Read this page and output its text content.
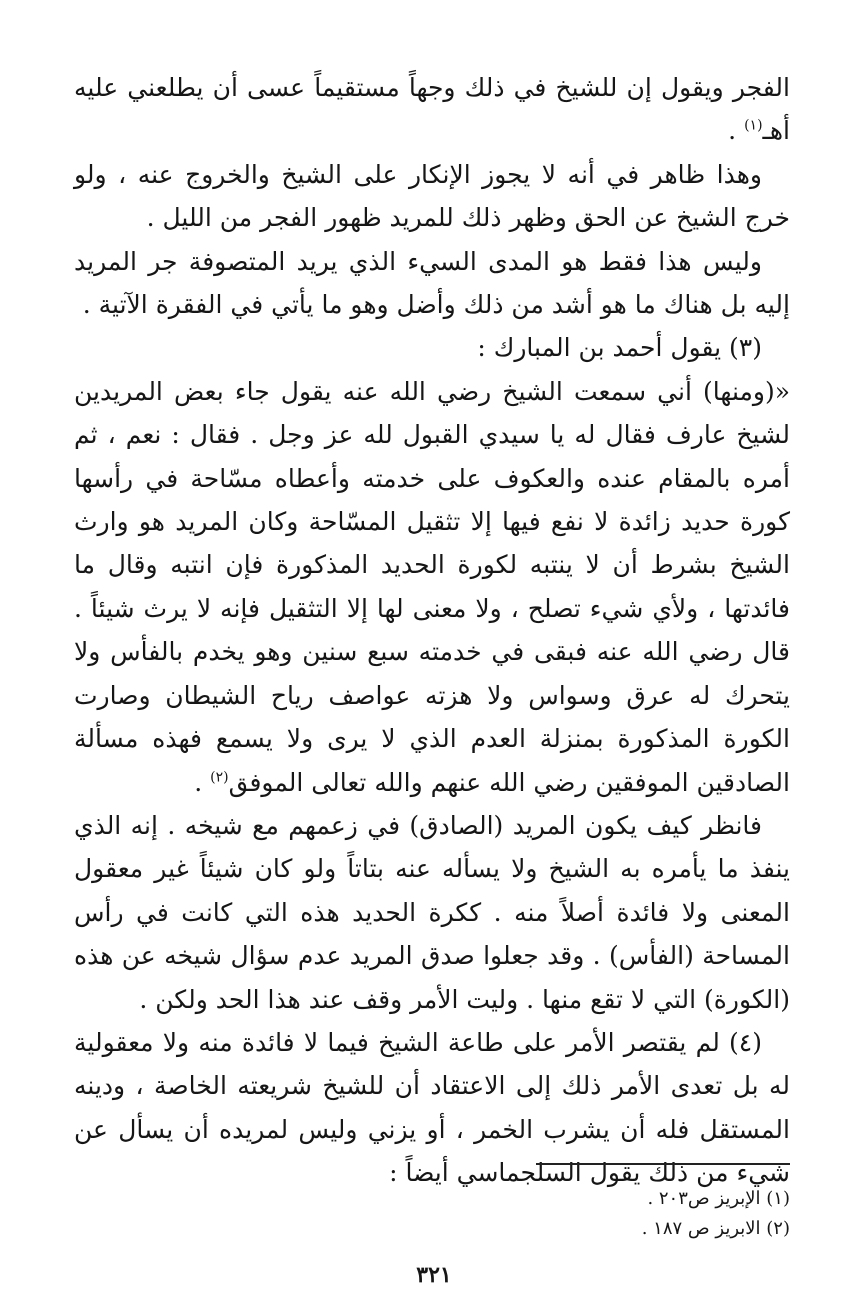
الفجر ويقول إن للشيخ في ذلك وجهاً مستقيماً عسى أن يطلعني عليه أهـ$^{(١)}$ .

وهذا ظاهر في أنه لا يجوز الإنكار على الشيخ والخروج عنه ، ولو خرج الشيخ عن الحق وظهر ذلك للمريد ظهور الفجر من الليل .

وليس هذا فقط هو المدى السيء الذي يريد المتصوفة جر المريد إليه بل هناك ما هو أشد من ذلك وأضل وهو ما يأتي في الفقرة الآتية .

(٣) يقول أحمد بن المبارك :

«(ومنها) أني سمعت الشيخ رضي الله عنه يقول جاء بعض المريدين لشيخ عارف فقال له يا سيدي القبول لله عز وجل . فقال : نعم ، ثم أمره بالمقام عنده والعكوف على خدمته وأعطاه مسّاحة في رأسها كورة حديد زائدة لا نفع فيها إلا تثقيل المسّاحة وكان المريد هو وارث الشيخ بشرط أن لا ينتبه لكورة الحديد المذكورة فإن انتبه وقال ما فائدتها ، ولأي شيء تصلح ، ولا معنى لها إلا التثقيل فإنه لا يرث شيئاً . قال رضي الله عنه فبقى في خدمته سبع سنين وهو يخدم بالفأس ولا يتحرك له عرق وسواس ولا هزته عواصف رياح الشيطان وصارت الكورة المذكورة بمنزلة العدم الذي لا يرى ولا يسمع فهذه مسألة الصادقين الموفقين رضي الله عنهم والله تعالى الموفق$^{(٢)}$ .

فانظر كيف يكون المريد (الصادق) في زعمهم مع شيخه . إنه الذي ينفذ ما يأمره به الشيخ ولا يسأله عنه بتاتاً ولو كان شيئاً غير معقول المعنى ولا فائدة أصلاً منه . ككرة الحديد هذه التي كانت في رأس المساحة (الفأس) . وقد جعلوا صدق المريد عدم سؤال شيخه عن هذه (الكورة) التي لا تقع منها . وليت الأمر وقف عند هذا الحد ولكن .

(٤) لم يقتصر الأمر على طاعة الشيخ فيما لا فائدة منه ولا معقولية له بل تعدى الأمر ذلك إلى الاعتقاد أن للشيخ شريعته الخاصة ، ودينه المستقل فله أن يشرب الخمر ، أو يزني وليس لمريده أن يسأل عن شيء من ذلك يقول السلجماسي أيضاً :

(١) الإبريز ص٢٠٣ .

(٢) الابريز ص ١٨٧ .

٣٢١
